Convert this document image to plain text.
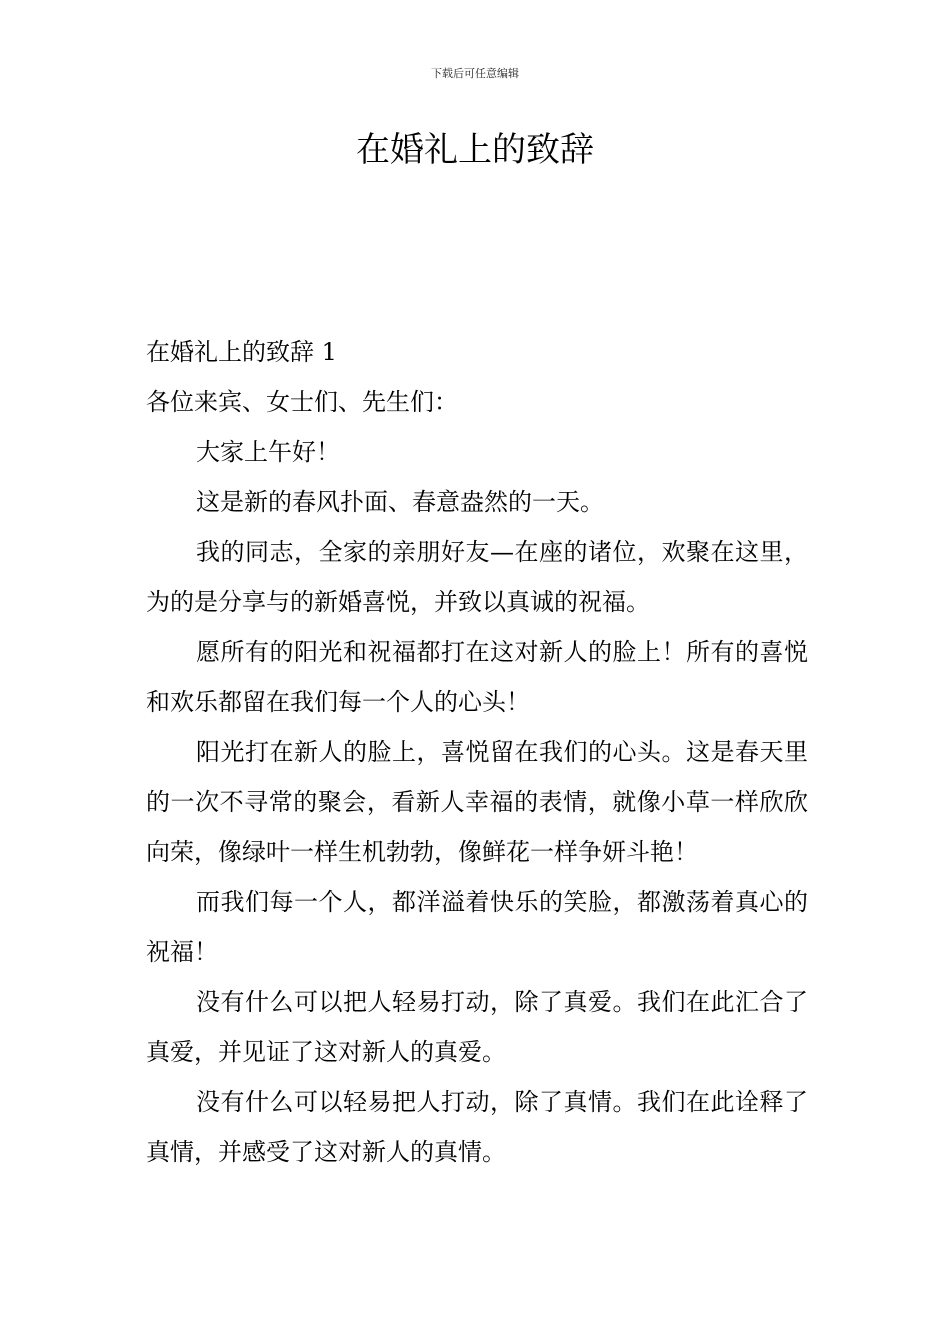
下载后可任意编辑
在婚礼上的致辞

在婚礼上的致辞 1

各位来宾、女士们、先生们：

大家上午好！

这是新的春风扑面、春意盎然的一天。

我的同志，全家的亲朋好友—在座的诸位，欢聚在这里，为的是分享与的新婚喜悦，并致以真诚的祝福。

愿所有的阳光和祝福都打在这对新人的脸上！所有的喜悦和欢乐都留在我们每一个人的心头！

阳光打在新人的脸上，喜悦留在我们的心头。这是春天里的一次不寻常的聚会，看新人幸福的表情，就像小草一样欣欣向荣，像绿叶一样生机勃勃，像鲜花一样争妍斗艳！

而我们每一个人，都洋溢着快乐的笑脸，都激荡着真心的祝福！

没有什么可以把人轻易打动，除了真爱。我们在此汇合了真爱，并见证了这对新人的真爱。

没有什么可以轻易把人打动，除了真情。我们在此诠释了真情，并感受了这对新人的真情。
